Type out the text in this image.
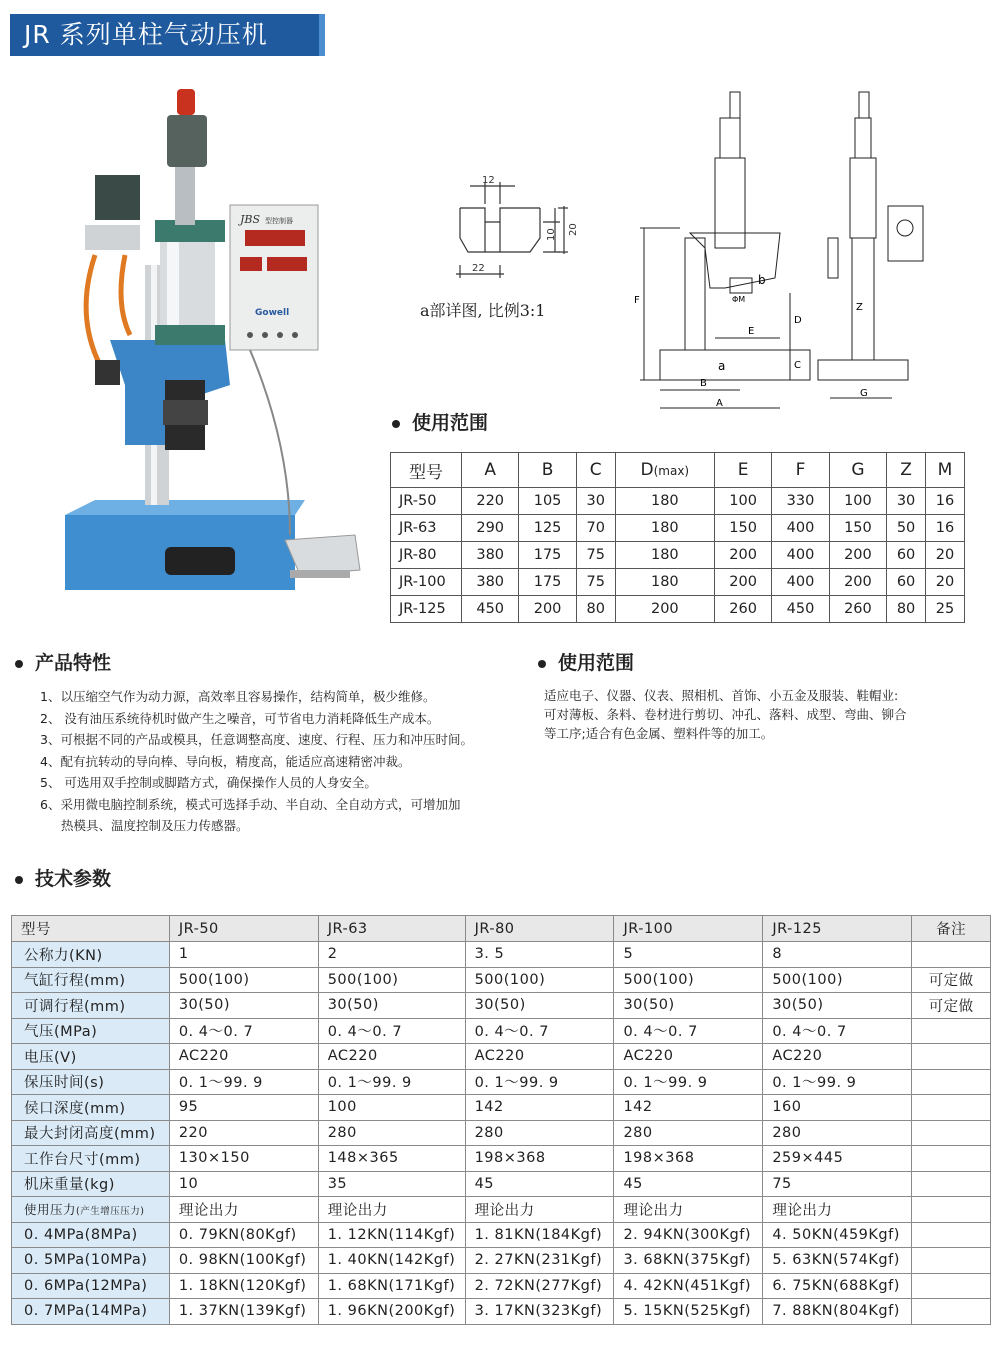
JR 系列单柱气动压机
JBS 型控制器
Gowell
12
10 20
22
a部详图, 比例3:1
F
D
C
E
B
A
G
Z
b
a
ΦM
使用范围
型号	A	B	C	D(max)	E	F	G	Z	M
JR-50	220	105	30	180	100	330	100	30	16
JR-63	290	125	70	180	150	400	150	50	16
JR-80	380	175	75	180	200	400	200	60	20
JR-100	380	175	75	180	200	400	200	60	20
JR-125	450	200	80	200	260	450	260	80	25
产品特性
1、以压缩空气作为动力源，高效率且容易操作，结构简单，极少维修。
2、 没有油压系统待机时做产生之噪音，可节省电力消耗降低生产成本。
3、可根据不同的产品或模具，任意调整高度、速度、行程、压力和冲压时间。
4、配有抗转动的导向棒、导向板，精度高，能适应高速精密冲裁。
5、 可选用双手控制或脚踏方式，确保操作人员的人身安全。
6、采用微电脑控制系统，模式可选择手动、半自动、全自动方式，可增加加
热模具、温度控制及压力传感器。
使用范围
适应电子、仪器、仪表、照相机、首饰、小五金及服装、鞋帽业:
可对薄板、条料、卷材进行剪切、冲孔、落料、成型、弯曲、铆合
等工序;适合有色金属、塑料件等的加工。
技术参数
型号	JR-50	JR-63	JR-80	JR-100	JR-125	备注
公称力(KN)	1	2	3. 5	5	8	
气缸行程(mm)	500(100)	500(100)	500(100)	500(100)	500(100)	可定做
可调行程(mm)	30(50)	30(50)	30(50)	30(50)	30(50)	可定做
气压(MPa)	0. 4～0. 7	0. 4～0. 7	0. 4～0. 7	0. 4～0. 7	0. 4～0. 7	
电压(V)	AC220	AC220	AC220	AC220	AC220	
保压时间(s)	0. 1～99. 9	0. 1～99. 9	0. 1～99. 9	0. 1～99. 9	0. 1～99. 9	
侯口深度(mm)	95	100	142	142	160	
最大封闭高度(mm)	220	280	280	280	280	
工作台尺寸(mm)	130×150	148×365	198×368	198×368	259×445	
机床重量(kg)	10	35	45	45	75	
使用压力(产生增压压力)	理论出力	理论出力	理论出力	理论出力	理论出力	
0. 4MPa(8MPa)	0. 79KN(80Kgf)	1. 12KN(114Kgf)	1. 81KN(184Kgf)	2. 94KN(300Kgf)	4. 50KN(459Kgf)	
0. 5MPa(10MPa)	0. 98KN(100Kgf)	1. 40KN(142Kgf)	2. 27KN(231Kgf)	3. 68KN(375Kgf)	5. 63KN(574Kgf)	
0. 6MPa(12MPa)	1. 18KN(120Kgf)	1. 68KN(171Kgf)	2. 72KN(277Kgf)	4. 42KN(451Kgf)	6. 75KN(688Kgf)	
0. 7MPa(14MPa)	1. 37KN(139Kgf)	1. 96KN(200Kgf)	3. 17KN(323Kgf)	5. 15KN(525Kgf)	7. 88KN(804Kgf)	
